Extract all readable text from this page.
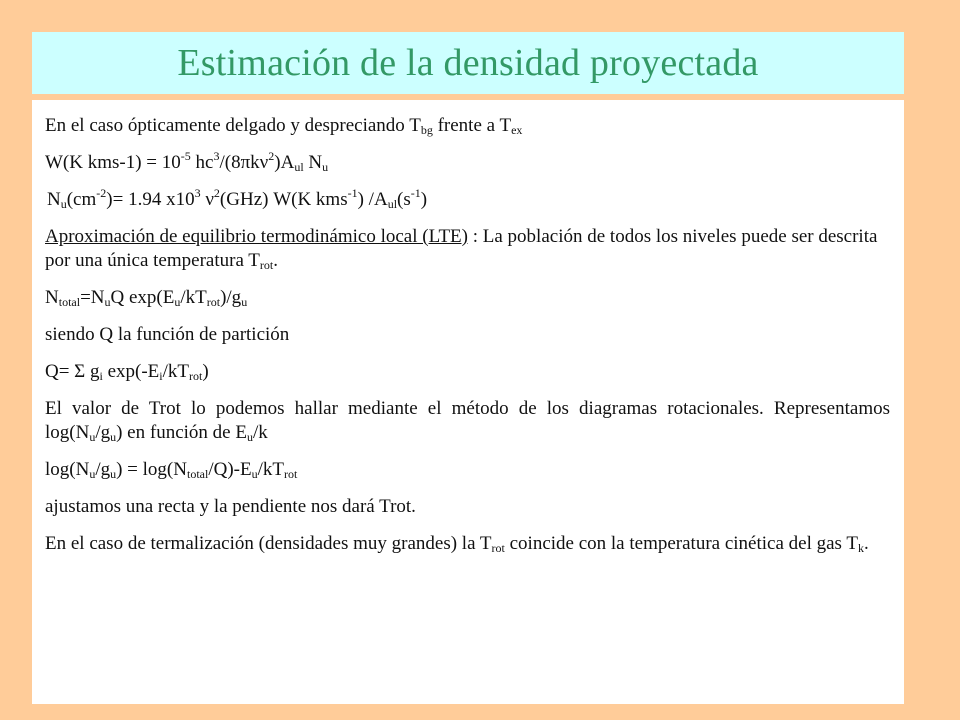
Estimación de la densidad proyectada

En el caso ópticamente delgado y despreciando $T_{bg}$ frente a $T_{ex}$

W(K $kms-1) = 10^{-5}$ $hc^3/(8\pi k\nu^2)A_{ul}$ $N_u$

$N_u(cm^{-2})= 1.94$ $x10^3$ $\nu^2(GHz)$ W(K kms$^{-1}$) $/A_{ul}(s^{-1})$

Aproximación de equilibrio termodinámico local (LTE) : La población de todos los niveles puede ser descrita por una única temperatura $T_{rot}$.

$N_{total}=N_uQ$ $\exp(E_u/kT_{rot})/g_u$

siendo Q la función de partición

Q= Σ $g_i$ $\exp(-E_i/kT_{rot})$

El valor de Trot lo podemos hallar mediante el método de los diagramas rotacionales. Representamos $\log(N_u/g_u)$ en función de $E_u/k$

$\log(N_u/g_u) = \log(N_{total}/Q)-E_u/kT_{rot}$

ajustamos una recta y la pendiente nos dará Trot.

En el caso de termalización (densidades muy grandes) la $T_{rot}$ coincide con la temperatura cinética del gas $T_k$.
